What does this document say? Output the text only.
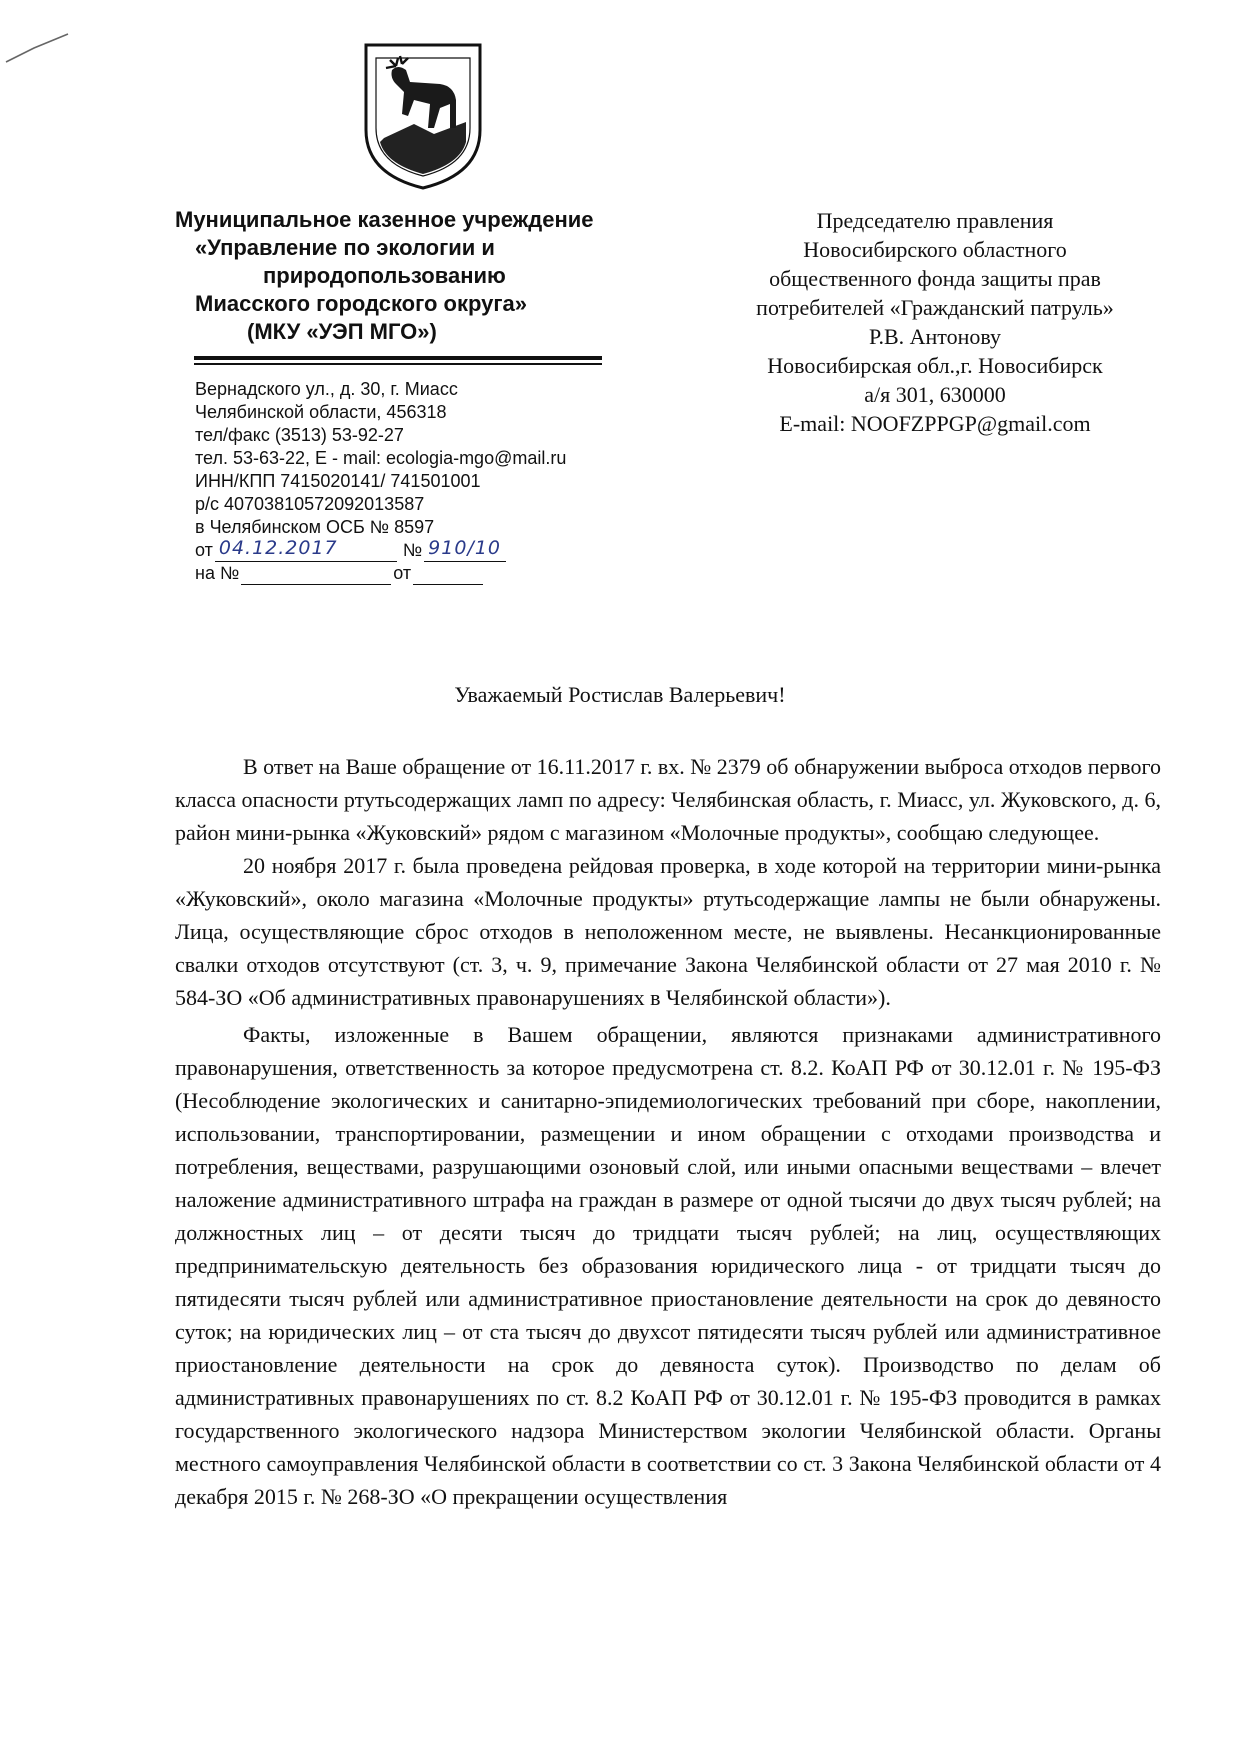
Муниципальное казенное учреждение
«Управление по экологии и
природопользованию
Миасского городского округа»
(МКУ «УЭП МГО»)
Вернадского ул., д. 30, г. Миасс
Челябинской области, 456318
тел/факс (3513) 53-92-27
тел. 53-63-22, E - mail: ecologia-mgo@mail.ru
ИНН/КПП 7415020141/ 741501001
р/с 40703810572092013587
в Челябинском ОСБ № 8597
от 04.12.2017	№ 910/10
на №	от
Председателю правления
Новосибирского областного
общественного фонда защиты прав
потребителей «Гражданский патруль»
Р.В. Антонову
Новосибирская обл.,г. Новосибирск
а/я 301, 630000
E-mail: NOOFZPPGP@gmail.com
Уважаемый Ростислав Валерьевич!

В ответ на Ваше обращение от 16.11.2017 г. вх. № 2379 об обнаружении выброса отходов первого класса опасности ртутьсодержащих ламп по адресу: Челябинская область, г. Миасс, ул. Жуковского, д. 6, район мини-рынка «Жуковский» рядом с магазином «Молочные продукты», сообщаю следующее.

20 ноября 2017 г. была проведена рейдовая проверка, в ходе которой на территории мини-рынка «Жуковский», около магазина «Молочные продукты» ртутьсодержащие лампы не были обнаружены. Лица, осуществляющие сброс отходов в неположенном месте, не выявлены. Несанкционированные свалки отходов отсутствуют (ст. 3, ч. 9, примечание Закона Челябинской области от 27 мая 2010 г. № 584-ЗО «Об административных правонарушениях в Челябинской области»).

Факты, изложенные в Вашем обращении, являются признаками административного правонарушения, ответственность за которое предусмотрена ст. 8.2. КоАП РФ от 30.12.01 г. № 195-ФЗ (Несоблюдение экологических и санитарно-эпидемиологических требований при сборе, накоплении, использовании, транспортировании, размещении и ином обращении с отходами производства и потребления, веществами, разрушающими озоновый слой, или иными опасными веществами – влечет наложение административного штрафа на граждан в размере от одной тысячи до двух тысяч рублей; на должностных лиц – от десяти тысяч до тридцати тысяч рублей; на лиц, осуществляющих предпринимательскую деятельность без образования юридического лица - от тридцати тысяч до пятидесяти тысяч рублей или административное приостановление деятельности на срок до девяносто суток; на юридических лиц – от ста тысяч до двухсот пятидесяти тысяч рублей или административное приостановление деятельности на срок до девяноста суток). Производство по делам об административных правонарушениях по ст. 8.2 КоАП РФ от 30.12.01 г. № 195-ФЗ проводится в рамках государственного экологического надзора Министерством экологии Челябинской области. Органы местного самоуправления Челябинской области в соответствии со ст. 3 Закона Челябинской области от 4 декабря 2015 г. № 268-ЗО «О прекращении осуществления
